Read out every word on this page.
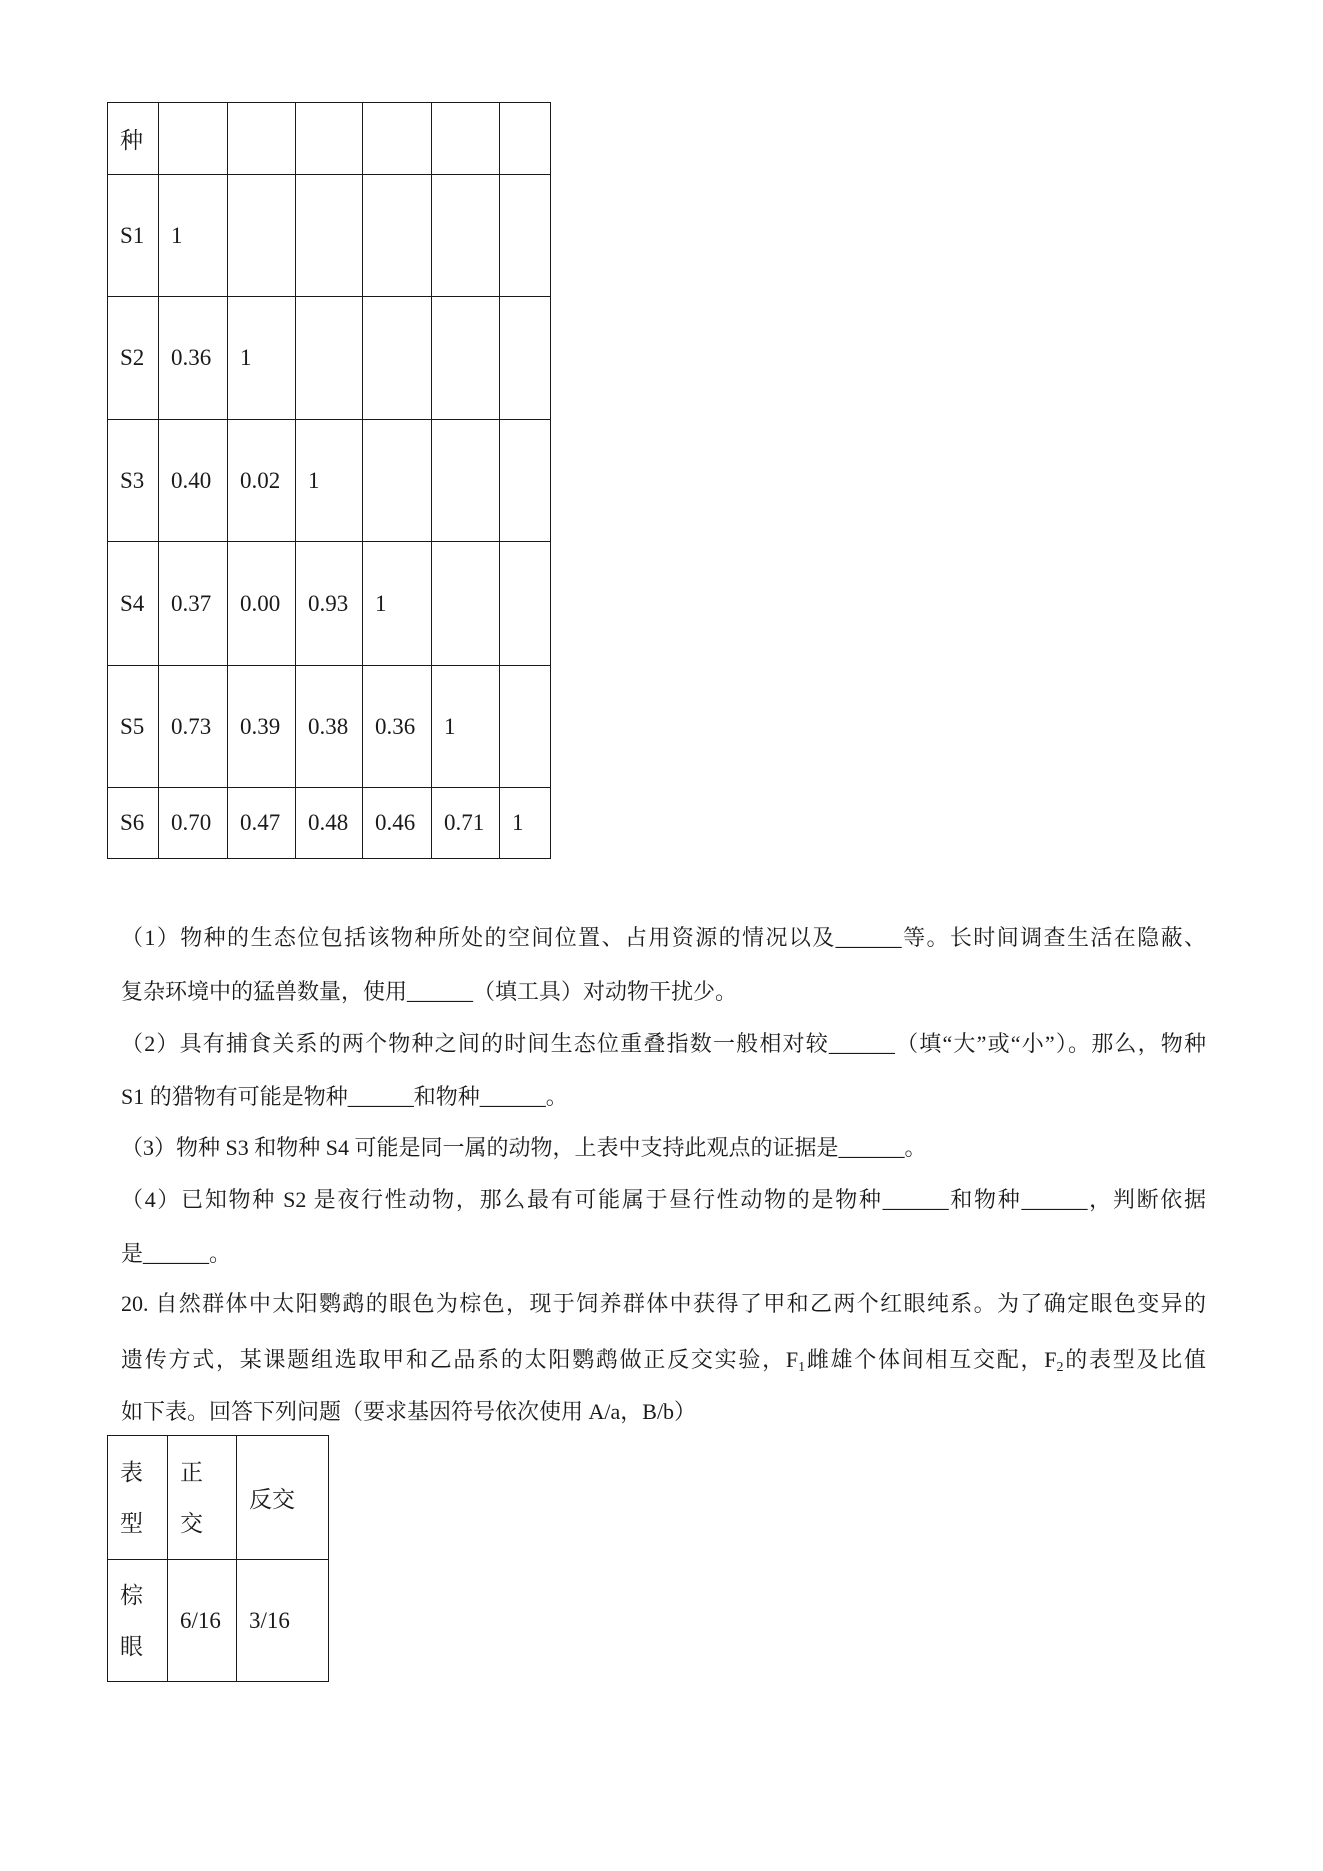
种						
S1	1					
S2	0.36	1				
S3	0.40	0.02	1			
S4	0.37	0.00	0.93	1		
S5	0.73	0.39	0.38	0.36	1	
S6	0.70	0.47	0.48	0.46	0.71	1
（1）物种的生态位包括该物种所处的空间位置、占用资源的情况以及______等。长时间调查生活在隐蔽、
复杂环境中的猛兽数量，使用______（填工具）对动物干扰少。
（2）具有捕食关系的两个物种之间的时间生态位重叠指数一般相对较______（填“大”或“小”）。那么，物种
S1 的猎物有可能是物种______和物种______。
（3）物种 S3 和物种 S4 可能是同一属的动物，上表中支持此观点的证据是______。
（4）已知物种 S2 是夜行性动物，那么最有可能属于昼行性动物的是物种______和物种______，判断依据
是______。
20. 自然群体中太阳鹦鹉的眼色为棕色，现于饲养群体中获得了甲和乙两个红眼纯系。为了确定眼色变异的
遗传方式，某课题组选取甲和乙品系的太阳鹦鹉做正反交实验，$F_1$雌雄个体间相互交配，$F_2$的表型及比值
如下表。回答下列问题（要求基因符号依次使用 A/a，B/b）
表型	正交	反交
棕眼	6/16	3/16
